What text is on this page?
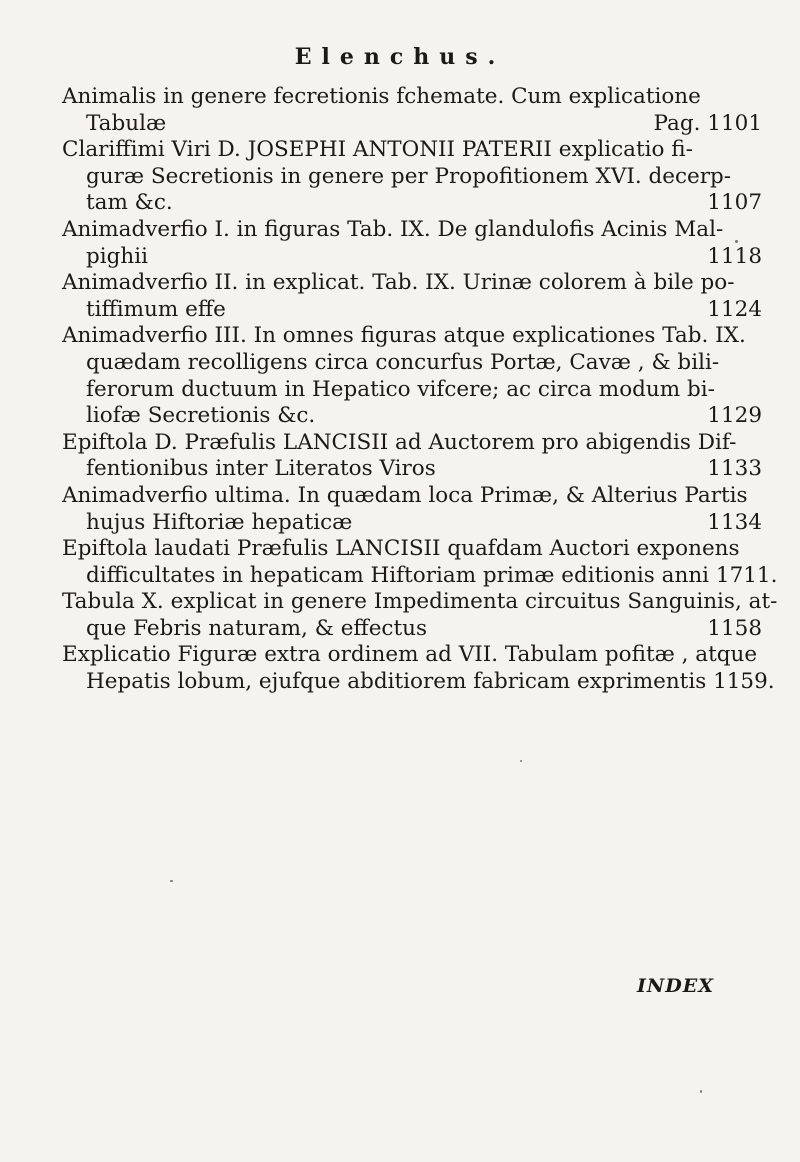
Elenchus.
Animalis in genere fecretionis fchemate. Cum explicatione
Tabulæ	Pag. 1101
Clariffimi Viri D. JOSEPHI ANTONII PATERII explicatio fi-
guræ Secretionis in genere per Propofitionem XVI. decerp-
tam &c.	1107
Animadverfio I. in figuras Tab. IX. De glandulofis Acinis Mal-
pighii	1118
Animadverfio II. in explicat. Tab. IX. Urinæ colorem à bile po-
tiffimum effe	1124
Animadverfio III. In omnes figuras atque explicationes Tab. IX.
quædam recolligens circa concurfus Portæ, Cavæ , & bili-
ferorum ductuum in Hepatico vifcere; ac circa modum bi-
liofæ Secretionis &c.	1129
Epiftola D. Præfulis LANCISII ad Auctorem pro abigendis Dif-
fentionibus inter Literatos Viros	1133
Animadverfio ultima. In quædam loca Primæ, & Alterius Partis
hujus Hiftoriæ hepaticæ	1134
Epiftola laudati Præfulis LANCISII quafdam Auctori exponens
difficultates in hepaticam Hiftoriam primæ editionis anni 1711.
Tabula X. explicat in genere Impedimenta circuitus Sanguinis, at-
que Febris naturam, & effectus	1158
Explicatio Figuræ extra ordinem ad VII. Tabulam pofitæ , atque
Hepatis lobum, ejufque abditiorem fabricam exprimentis 1159.
INDEX
